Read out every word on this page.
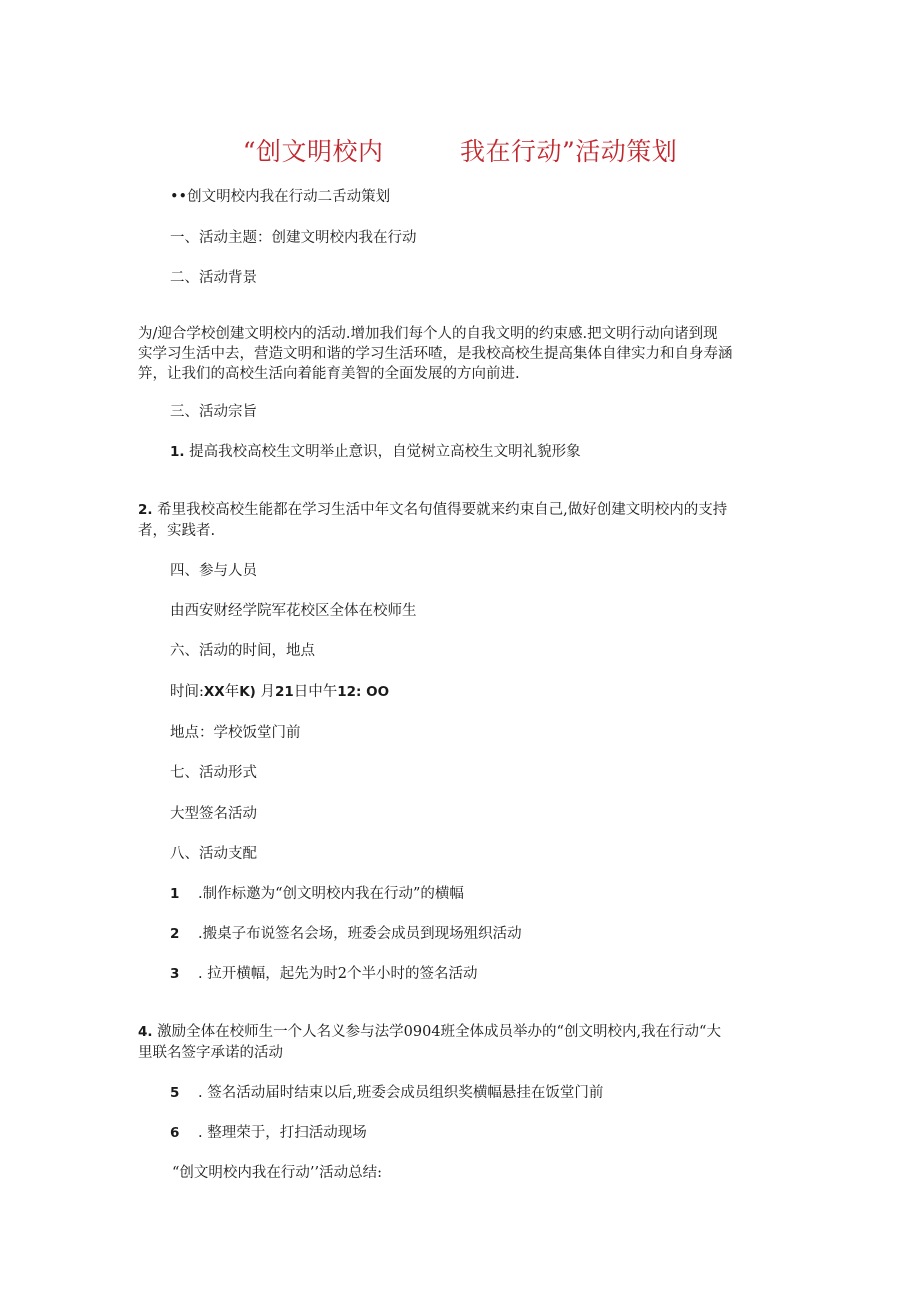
“创文明校内　　　我在行动”活动策划
••创文明校内我在行动二舌动策划
一、活动主题：创建文明校内我在行动
二、活动背景
为/迎合学校创建文明校内的活动.增加我们每个人的自我文明的约束感.把文明行动向诸到现
实学习生活中去，营造文明和谐的学习生活环喳，是我校高校生提高集体自律实力和自身寿涵
笄，让我们的高校生活向着能育美智的全面发展的方向前进.
三、活动宗旨
1. 提高我校高校生文明举止意识，自觉树立高校生文明礼貌形象
2. 希里我校高校生能都在学习生活中年文名句值得要就来约束自己,做好创建文明校内的支持
者，实践者.
四、参与人员
由西安财经学院军花校区全体在校师生
六、活动的时间，地点
时间:XX年K) 月21日中午12: OO
地点：学校饭堂门前
七、活动形式
大型签名活动
八、活动支配
1 .制作标邀为“创文明校内我在行动”的横幅
2 .搬桌子布说签名会场，班委会成员到现场殂织活动
3 . 拉开横幅，起先为时2个半小时的签名活动
4. 激励全体在校师生一个人名义参与法学0904班全体成员举办的“创文明校内,我在行动“大
里联名签字承诺的活动
5 . 签名活动届时结束以后,班委会成员组织奖横幅悬挂在饭堂门前
6 . 整理荣于，打扫活动现场
“创文明校内我在行动’’活动总结:
